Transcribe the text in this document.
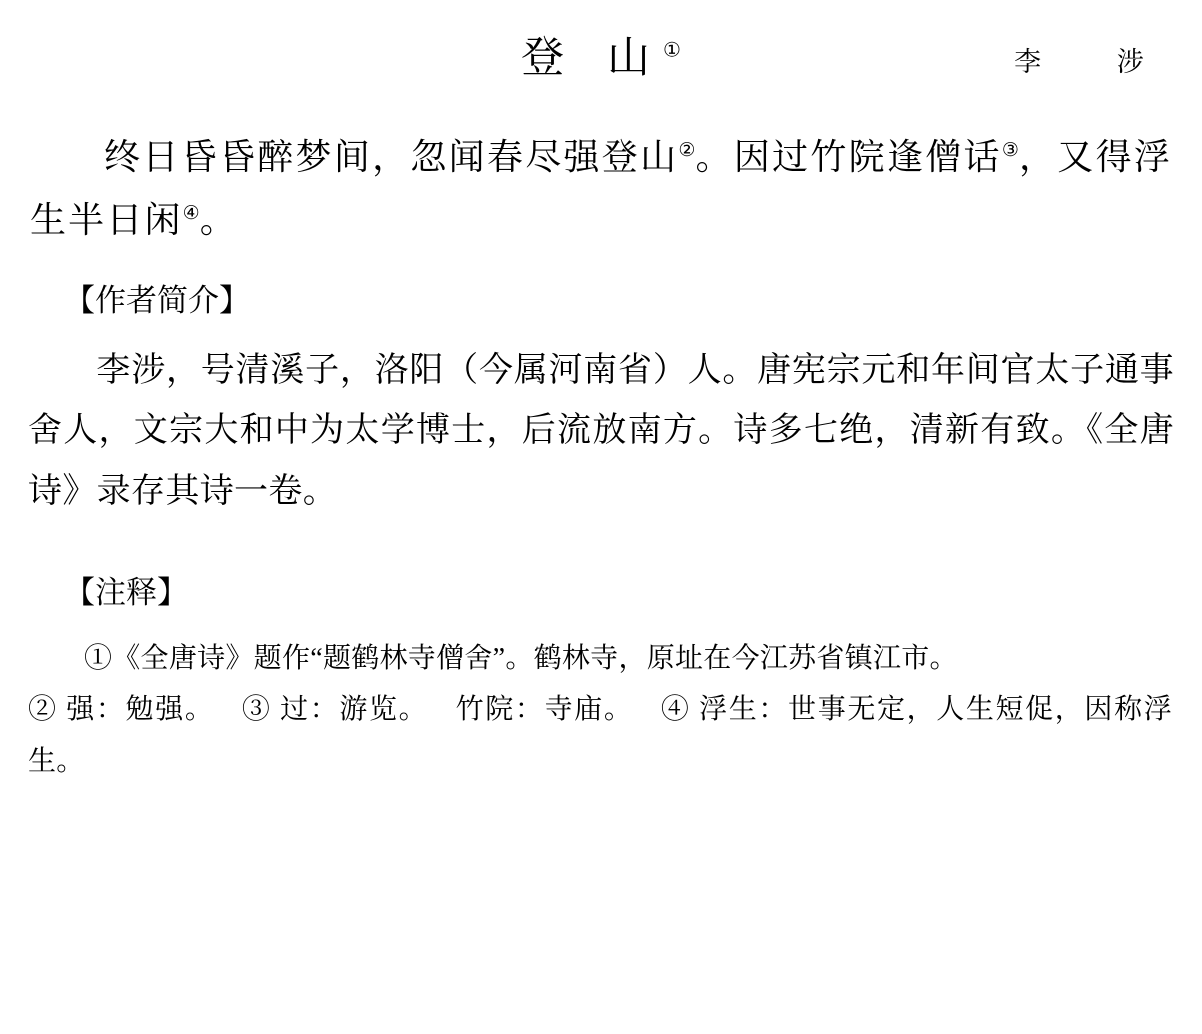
登 山①	李　涉
终日昏昏醉梦间，忽闻春尽强登山②。因过竹院逢僧话③，又得浮生半日闲④。
【作者简介】
李涉，号清溪子，洛阳（今属河南省）人。唐宪宗元和年间官太子通事舍人，文宗大和中为太学博士，后流放南方。诗多七绝，清新有致。《全唐诗》录存其诗一卷。
【注释】
①《全唐诗》题作“题鹤林寺僧舍”。鹤林寺，原址在今江苏省镇江市。
② 强：勉强。 ③ 过：游览。 竹院：寺庙。 ④ 浮生：世事无定，人生短促，因称浮生。
